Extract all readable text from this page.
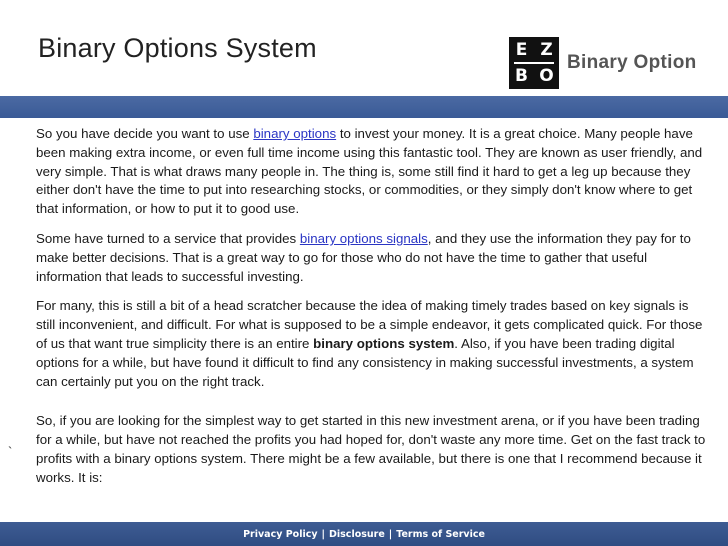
Binary Options System	E Z
B O
Binary Option

So you have decide you want to use binary options to invest your money. It is a great choice. Many people have been making extra income, or even full time income using this fantastic tool. They are known as user friendly, and very simple. That is what draws many people in. The thing is, some still find it hard to get a leg up because they either don't have the time to put into researching stocks, or commodities, or they simply don't know where to get that information, or how to put it to good use.

Some have turned to a service that provides binary options signals, and they use the information they pay for to make better decisions. That is a great way to go for those who do not have the time to gather that useful information that leads to successful investing.

For many, this is still a bit of a head scratcher because the idea of making timely trades based on key signals is still inconvenient, and difficult. For what is supposed to be a simple endeavor, it gets complicated quick. For those of us that want true simplicity there is an entire binary options system. Also, if you have been trading digital options for a while, but have found it difficult to find any consistency in making successful investments, a system can certainly put you on the right track.

So, if you are looking for the simplest way to get started in this new investment arena, or if you have been trading for a while, but have not reached the profits you had hoped for, don't waste any more time. Get on the fast track to profits with a binary options system. There might be a few available, but there is one that I recommend because it works. It is:

`
Privacy Policy | Disclosure | Terms of Service
